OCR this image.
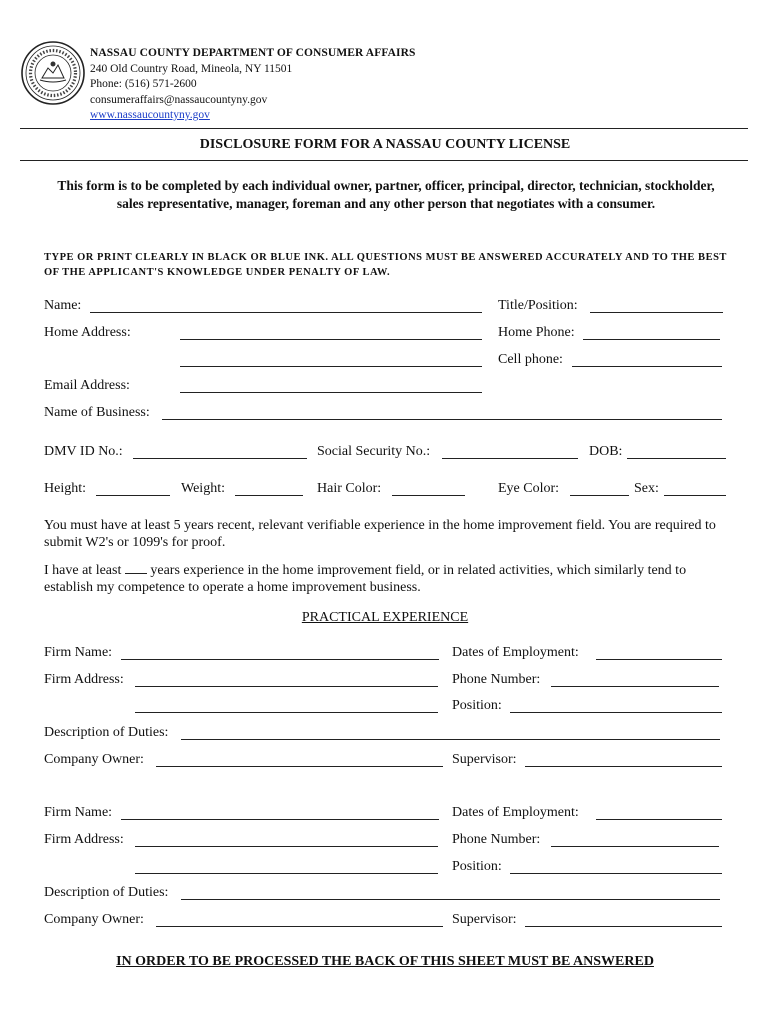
NASSAU COUNTY DEPARTMENT OF CONSUMER AFFAIRS
240 Old Country Road, Mineola, NY 11501
Phone: (516) 571-2600
consumeraffairs@nassaucountyny.gov
www.nassaucountyny.gov
DISCLOSURE FORM FOR A NASSAU COUNTY LICENSE
This form is to be completed by each individual owner, partner, officer, principal, director, technician, stockholder, sales representative, manager, foreman and any other person that negotiates with a consumer.
TYPE OR PRINT CLEARLY IN BLACK OR BLUE INK. ALL QUESTIONS MUST BE ANSWERED ACCURATELY AND TO THE BEST OF THE APPLICANT'S KNOWLEDGE UNDER PENALTY OF LAW.
Name:	Title/Position:
Home Address:	Home Phone:
Cell phone:
Email Address:
Name of Business:
DMV ID No.:	Social Security No.:	DOB:
Height:	Weight:	Hair Color:	Eye Color:	Sex:
You must have at least 5 years recent, relevant verifiable experience in the home improvement field. You are required to submit W2's or 1099's for proof.
I have at least years experience in the home improvement field, or in related activities, which similarly tend to establish my competence to operate a home improvement business.
PRACTICAL EXPERIENCE
Firm Name:	Dates of Employment:
Firm Address:	Phone Number:
Position:
Description of Duties:
Company Owner:	Supervisor:
Firm Name:	Dates of Employment:
Firm Address:	Phone Number:
Position:
Description of Duties:
Company Owner:	Supervisor:
IN ORDER TO BE PROCESSED THE BACK OF THIS SHEET MUST BE ANSWERED
